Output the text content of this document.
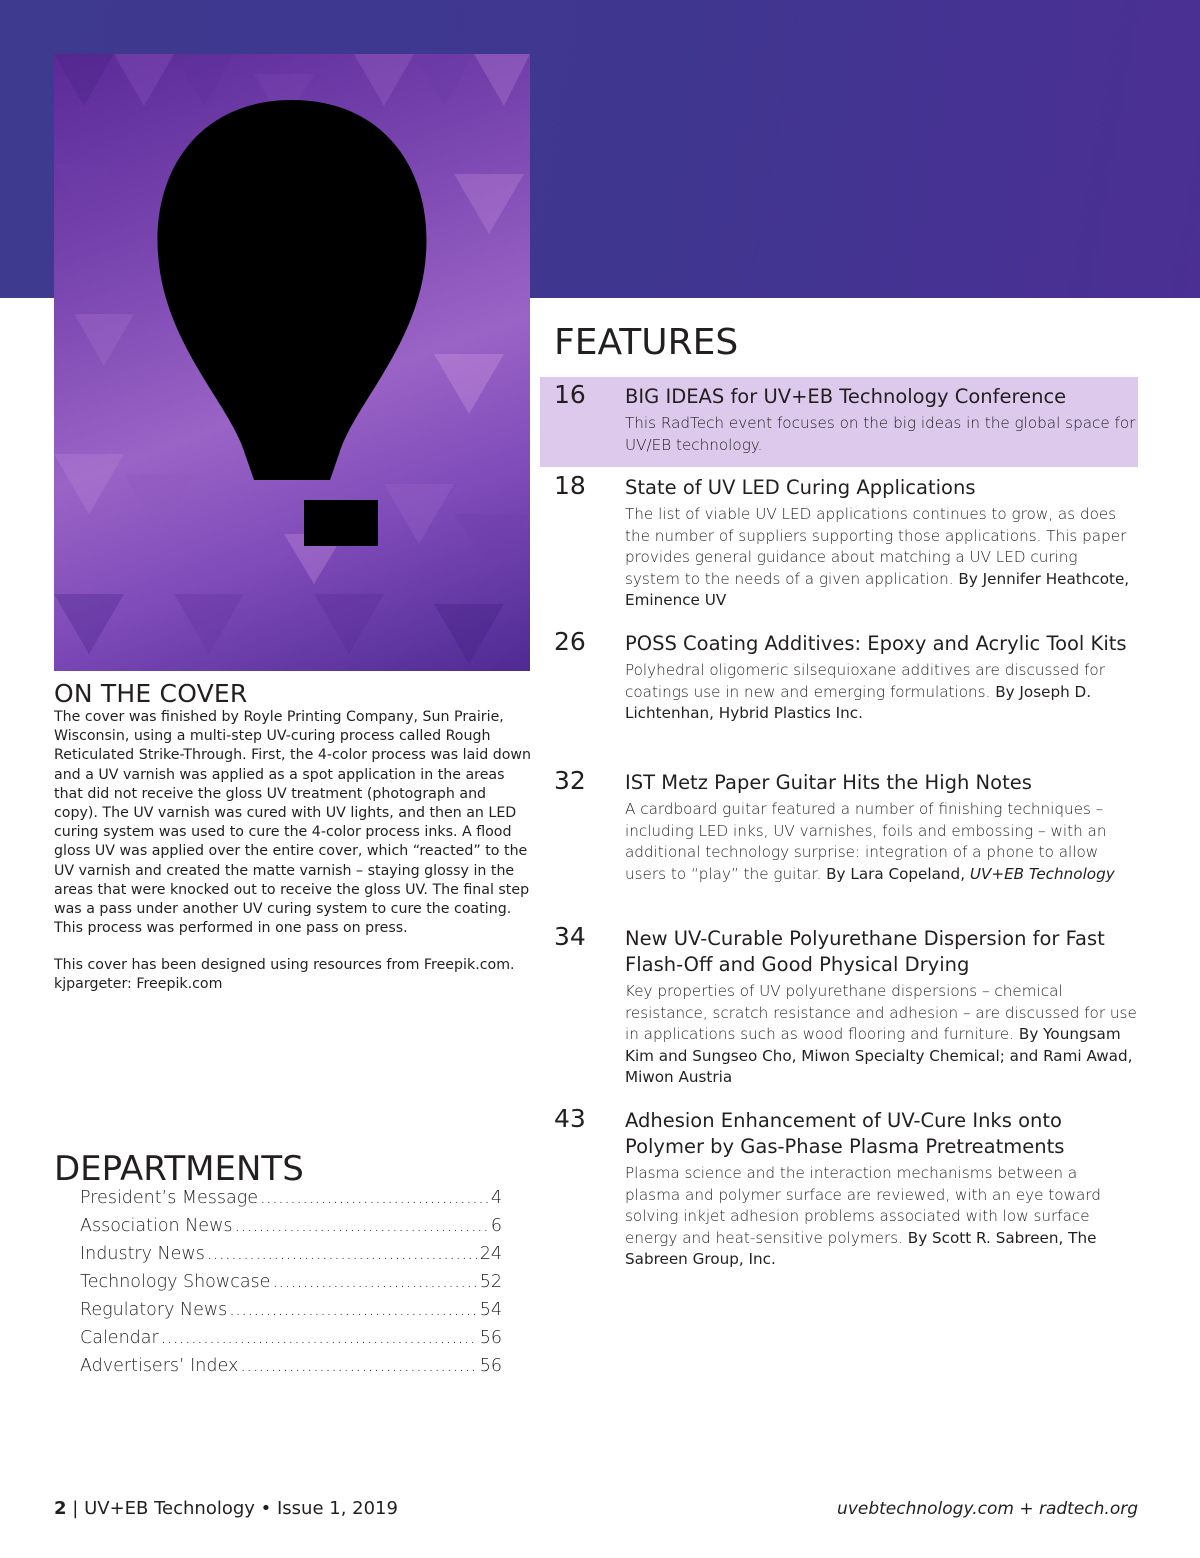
ON THE COVER

The cover was finished by Royle Printing Company, Sun Prairie, Wisconsin, using a multi-step UV-curing process called Rough Reticulated Strike-Through. First, the 4-color process was laid down and a UV varnish was applied as a spot application in the areas that did not receive the gloss UV treatment (photograph and copy). The UV varnish was cured with UV lights, and then an LED curing system was used to cure the 4-color process inks. A flood gloss UV was applied over the entire cover, which “reacted” to the UV varnish and created the matte varnish – staying glossy in the areas that were knocked out to receive the gloss UV. The final step was a pass under another UV curing system to cure the coating. This process was performed in one pass on press.

This cover has been designed using resources from Freepik.com.
kjpargeter: Freepik.com

DEPARTMENTS
President’s Message .....	4
Association News .....	6
Industry News .....	24
Technology Showcase .....	52
Regulatory News .....	54
Calendar .....	56
Advertisers’ Index .....	56
FEATURES
16 BIG IDEAS for UV+EB Technology Conference

This RadTech event focuses on the big ideas in the global space for UV/EB technology.

18 State of UV LED Curing Applications

The list of viable UV LED applications continues to grow, as does the number of suppliers supporting those applications. This paper provides general guidance about matching a UV LED curing system to the needs of a given application. By Jennifer Heathcote, Eminence UV

26 POSS Coating Additives: Epoxy and Acrylic Tool Kits

Polyhedral oligomeric silsequioxane additives are discussed for coatings use in new and emerging formulations. By Joseph D. Lichtenhan, Hybrid Plastics Inc.

32 IST Metz Paper Guitar Hits the High Notes

A cardboard guitar featured a number of finishing techniques – including LED inks, UV varnishes, foils and embossing – with an additional technology surprise: integration of a phone to allow users to “play” the guitar. By Lara Copeland, UV+EB Technology

34 New UV-Curable Polyurethane Dispersion for Fast Flash-Off and Good Physical Drying

Key properties of UV polyurethane dispersions – chemical resistance, scratch resistance and adhesion – are discussed for use in applications such as wood flooring and furniture. By Youngsam Kim and Sungseo Cho, Miwon Specialty Chemical; and Rami Awad, Miwon Austria

43 Adhesion Enhancement of UV-Cure Inks onto Polymer by Gas-Phase Plasma Pretreatments

Plasma science and the interaction mechanisms between a plasma and polymer surface are reviewed, with an eye toward solving inkjet adhesion problems associated with low surface energy and heat-sensitive polymers. By Scott R. Sabreen, The Sabreen Group, Inc.

2 | UV+EB Technology • Issue 1, 2019	uvebtechnology.com + radtech.org
